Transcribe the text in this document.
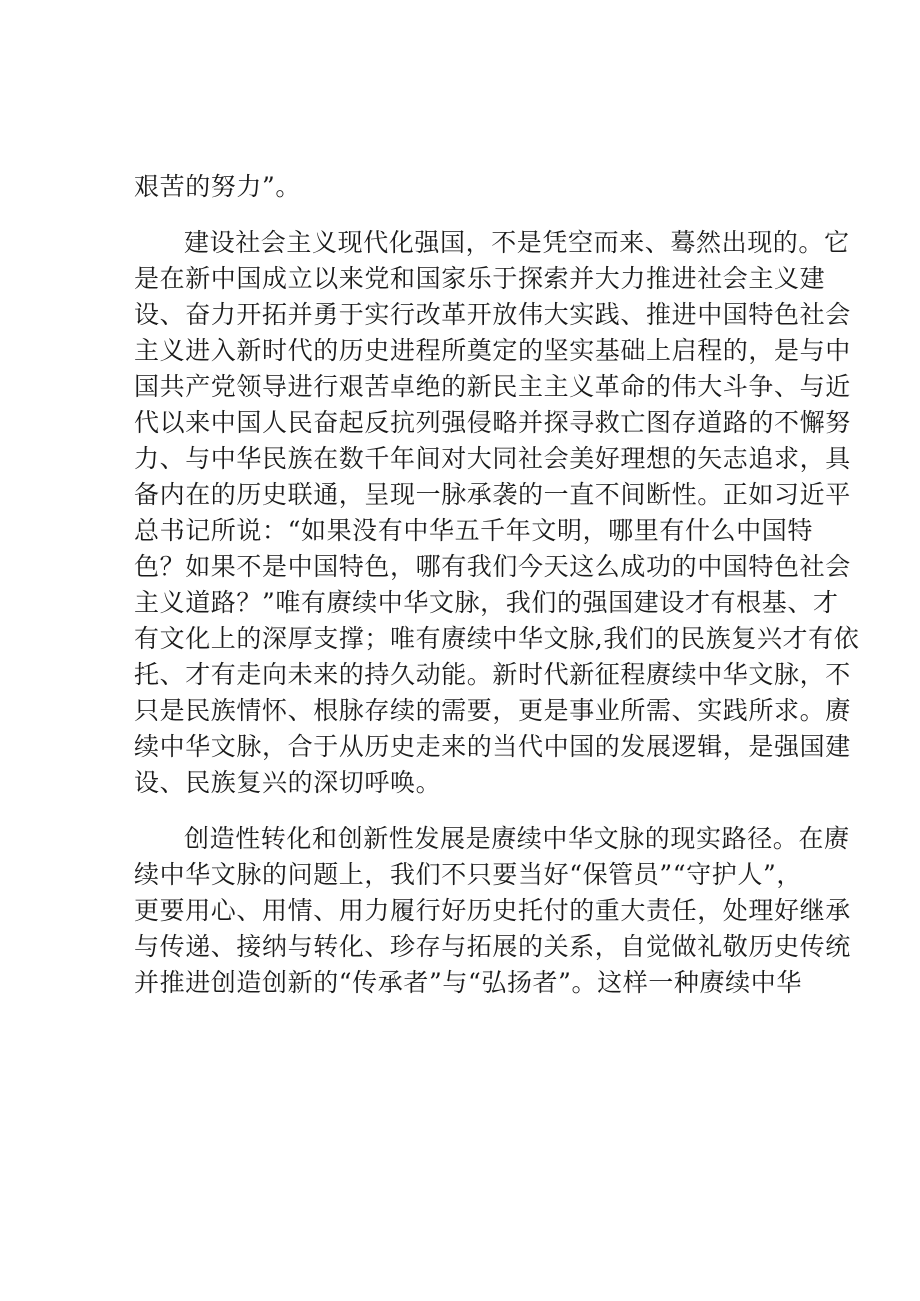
艰苦的努力”。
建设社会主义现代化强国，不是凭空而来、蓦然出现的。它
是在新中国成立以来党和国家乐于探索并大力推进社会主义建
设、奋力开拓并勇于实行改革开放伟大实践、推进中国特色社会
主义进入新时代的历史进程所奠定的坚实基础上启程的，是与中
国共产党领导进行艰苦卓绝的新民主主义革命的伟大斗争、与近
代以来中国人民奋起反抗列强侵略并探寻救亡图存道路的不懈努
力、与中华民族在数千年间对大同社会美好理想的矢志追求，具
备内在的历史联通，呈现一脉承袭的一直不间断性。正如习近平
总书记所说：“如果没有中华五千年文明，哪里有什么中国特
色？如果不是中国特色，哪有我们今天这么成功的中国特色社会
主义道路？”唯有赓续中华文脉，我们的强国建设才有根基、才
有文化上的深厚支撑；唯有赓续中华文脉,我们的民族复兴才有依
托、才有走向未来的持久动能。新时代新征程赓续中华文脉，不
只是民族情怀、根脉存续的需要，更是事业所需、实践所求。赓
续中华文脉，合于从历史走来的当代中国的发展逻辑，是强国建
设、民族复兴的深切呼唤。
创造性转化和创新性发展是赓续中华文脉的现实路径。在赓
续中华文脉的问题上，我们不只要当好“保管员”“守护人”，
更要用心、用情、用力履行好历史托付的重大责任，处理好继承
与传递、接纳与转化、珍存与拓展的关系，自觉做礼敬历史传统
并推进创造创新的“传承者”与“弘扬者”。这样一种赓续中华
